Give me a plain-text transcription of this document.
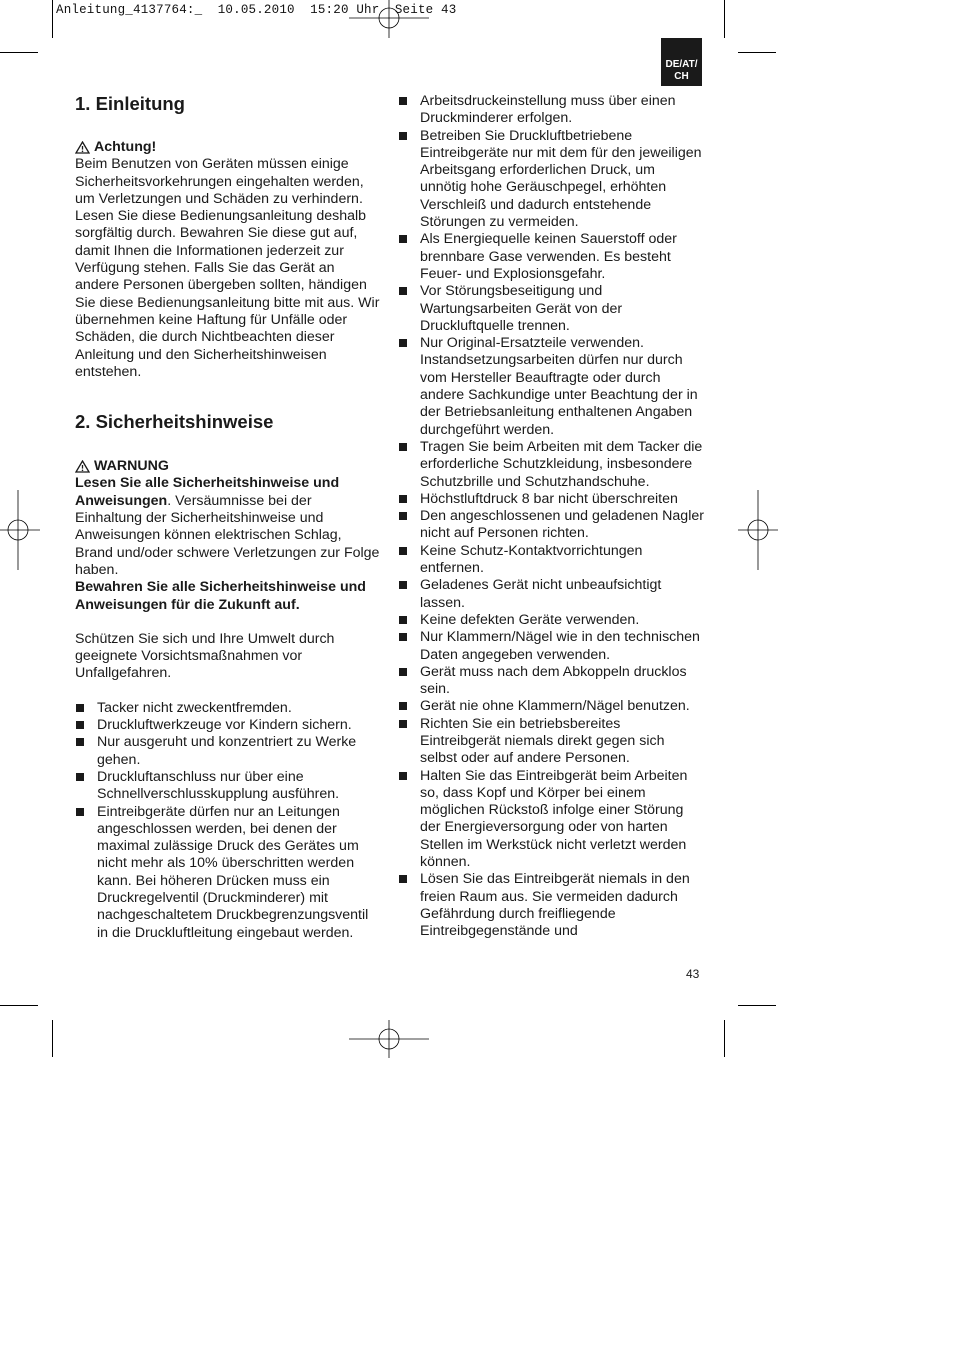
Anleitung_4137764:_  10.05.2010  15:20 Uhr  Seite 43
DE/AT/
CH
1. Einleitung
Achtung!

Beim Benutzen von Geräten müssen einige Sicherheitsvorkehrungen eingehalten werden, um Verletzungen und Schäden zu verhindern. Lesen Sie diese Bedienungsanleitung deshalb sorgfältig durch. Bewahren Sie diese gut auf, damit Ihnen die Informationen jederzeit zur Verfügung stehen. Falls Sie das Gerät an andere Personen übergeben sollten, händigen Sie diese Bedienungsanleitung bitte mit aus. Wir übernehmen keine Haftung für Unfälle oder Schäden, die durch Nichtbeachten dieser Anleitung und den Sicherheitshinweisen entstehen.

2. Sicherheitshinweise
WARNUNG

Lesen Sie alle Sicherheitshinweise und Anweisungen. Versäumnisse bei der Einhaltung der Sicherheitshinweise und Anweisungen können elektrischen Schlag, Brand und/oder schwere Verletzungen zur Folge haben.

Bewahren Sie alle Sicherheitshinweise und Anweisungen für die Zukunft auf.

Schützen Sie sich und Ihre Umwelt durch geeignete Vorsichtsmaßnahmen vor Unfallgefahren.

Tacker nicht zweckentfremden.
Druckluftwerkzeuge vor Kindern sichern.
Nur ausgeruht und konzentriert zu Werke gehen.
Druckluftanschluss nur über eine Schnellverschlusskupplung ausführen.
Eintreibgeräte dürfen nur an Leitungen angeschlossen werden, bei denen der maximal zulässige Druck des Gerätes um nicht mehr als 10% überschritten werden kann. Bei höheren Drücken muss ein Druckregelventil (Druckminderer) mit nachgeschaltetem Druckbegrenzungsventil in die Druckluftleitung eingebaut werden.
Arbeitsdruckeinstellung muss über einen Druckminderer erfolgen.
Betreiben Sie Druckluftbetriebene Eintreibgeräte nur mit dem für den jeweiligen Arbeitsgang erforderlichen Druck, um unnötig hohe Geräuschpegel, erhöhten Verschleiß und dadurch entstehende Störungen zu vermeiden.
Als Energiequelle keinen Sauerstoff oder brennbare Gase verwenden. Es besteht Feuer- und Explosionsgefahr.
Vor Störungsbeseitigung und Wartungsarbeiten Gerät von der Druckluftquelle trennen.
Nur Original-Ersatzteile verwenden. Instandsetzungsarbeiten dürfen nur durch vom Hersteller Beauftragte oder durch andere Sachkundige unter Beachtung der in der Betriebsanleitung enthaltenen Angaben durchgeführt werden.
Tragen Sie beim Arbeiten mit dem Tacker die erforderliche Schutzkleidung, insbesondere Schutzbrille und Schutzhandschuhe.
Höchstluftdruck 8 bar nicht überschreiten
Den angeschlossenen und geladenen Nagler nicht auf Personen richten.
Keine Schutz-Kontaktvorrichtungen entfernen.
Geladenes Gerät nicht unbeaufsichtigt lassen.
Keine defekten Geräte verwenden.
Nur Klammern/Nägel wie in den technischen Daten angegeben verwenden.
Gerät muss nach dem Abkoppeln drucklos sein.
Gerät nie ohne Klammern/Nägel benutzen.
Richten Sie ein betriebsbereites Eintreibgerät niemals direkt gegen sich selbst oder auf andere Personen.
Halten Sie das Eintreibgerät beim Arbeiten so, dass Kopf und Körper bei einem möglichen Rückstoß infolge einer Störung der Energieversorgung oder von harten Stellen im Werkstück nicht verletzt werden können.
Lösen Sie das Eintreibgerät niemals in den freien Raum aus. Sie vermeiden dadurch Gefährdung durch freifliegende Eintreibgegenstände und
43
